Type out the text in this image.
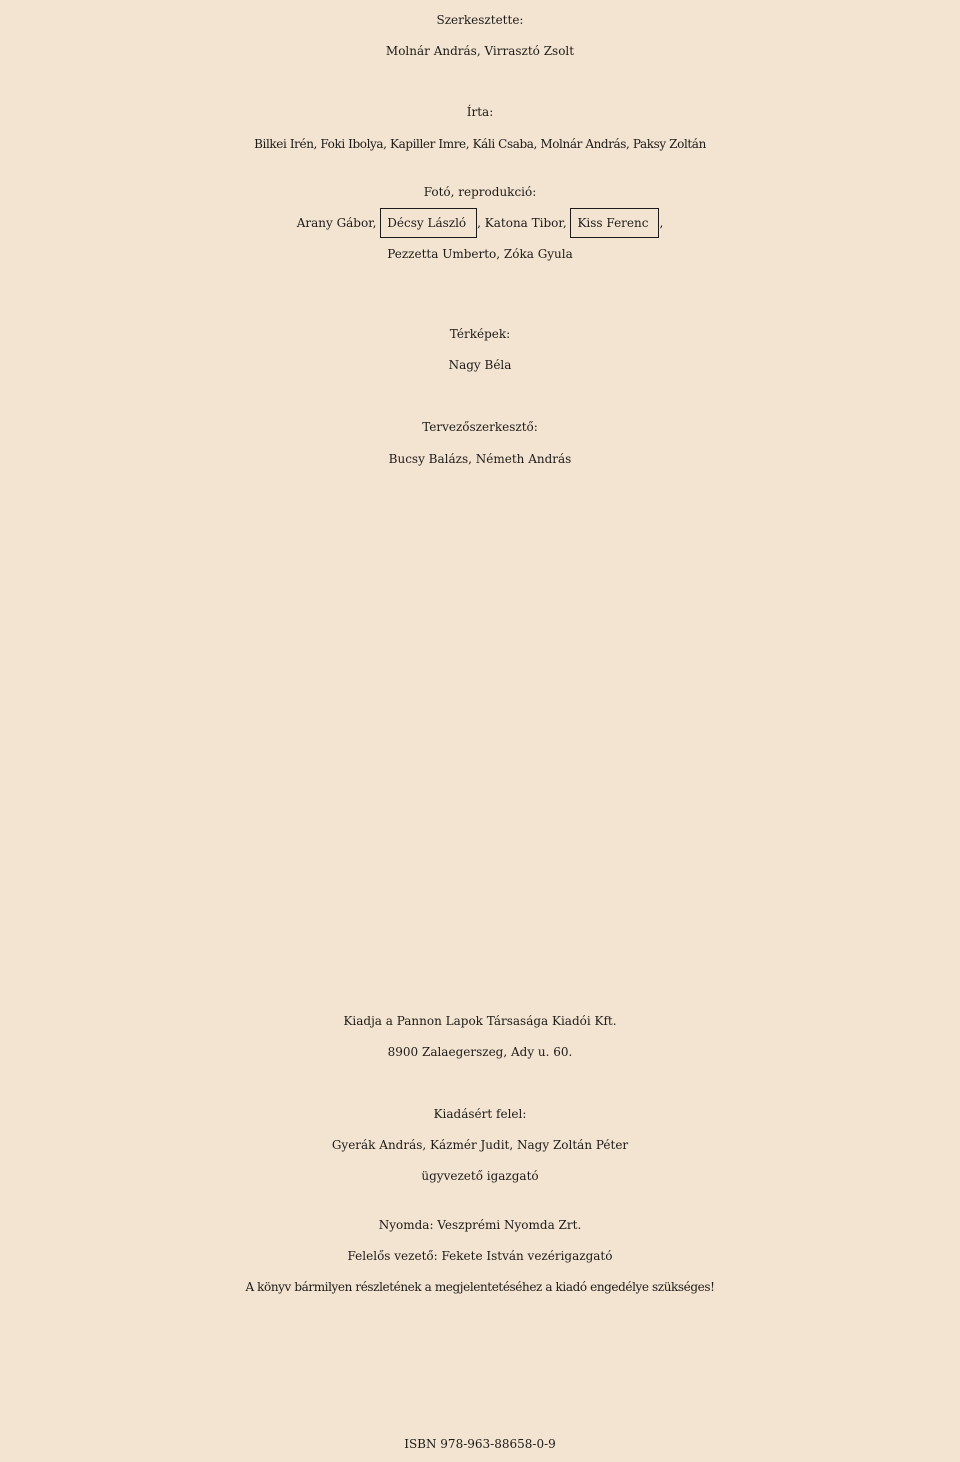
Szerkesztette:
Molnár András, Virrasztó Zsolt
Írta:
Bilkei Irén, Foki Ibolya, Kapiller Imre, Káli Csaba, Molnár András, Paksy Zoltán
Fotó, reprodukció:
Arany Gábor, Décsy László , Katona Tibor, Kiss Ferenc ,
Pezzetta Umberto, Zóka Gyula
Térképek:
Nagy Béla
Tervezőszerkesztő:
Bucsy Balázs, Németh András
Kiadja a Pannon Lapok Társasága Kiadói Kft.
8900 Zalaegerszeg, Ady u. 60.
Kiadásért felel:
Gyerák András, Kázmér Judit, Nagy Zoltán Péter
ügyvezető igazgató
Nyomda: Veszprémi Nyomda Zrt.
Felelős vezető: Fekete István vezérigazgató
A könyv bármilyen részletének a megjelentetéséhez a kiadó engedélye szükséges!
ISBN 978-963-88658-0-9
